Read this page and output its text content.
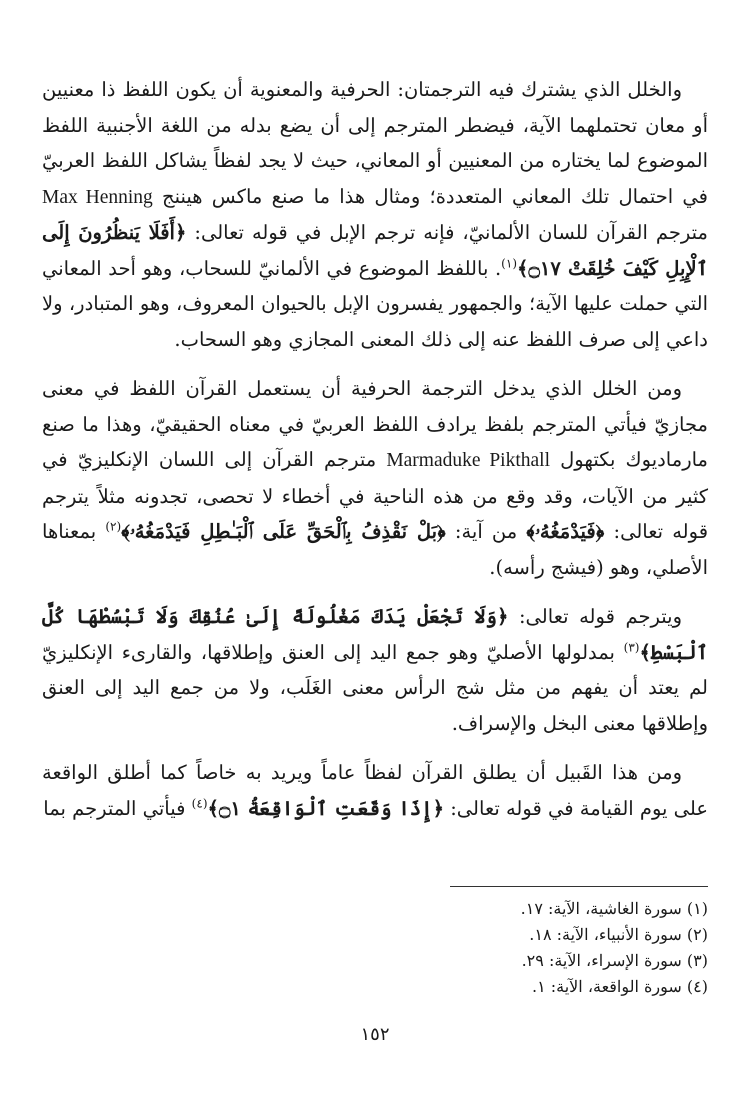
والخلل الذي يشترك فيه الترجمتان: الحرفية والمعنوية أن يكون اللفظ ذا معنيين أو معان تحتملهما الآية، فيضطر المترجم إلى أن يضع بدله من اللغة الأجنبية اللفظ الموضوع لما يختاره من المعنيين أو المعاني، حيث لا يجد لفظاً يشاكل اللفظ العربيّ في احتمال تلك المعاني المتعددة؛ ومثال هذا ما صنع ماكس هيننج Max Henning مترجم القرآن للسان الألمانيّ، فإنه ترجم الإبل في قوله تعالى: ﴿أَفَلَا يَنظُرُونَ إِلَى ٱلْإِبِلِ كَيْفَ خُلِقَتْ ۝١٧﴾$^{(١)}$. باللفظ الموضوع في الألمانيّ للسحاب، وهو أحد المعاني التي حملت عليها الآية؛ والجمهور يفسرون الإبل بالحيوان المعروف، وهو المتبادر، ولا داعي إلى صرف اللفظ عنه إلى ذلك المعنى المجازي وهو السحاب.

ومن الخلل الذي يدخل الترجمة الحرفية أن يستعمل القرآن اللفظ في معنى مجازيّ فيأتي المترجم بلفظ يرادف اللفظ العربيّ في معناه الحقيقيّ، وهذا ما صنع مارماديوك بكتهول Marmaduke Pikthall مترجم القرآن إلى اللسان الإنكليزيّ في كثير من الآيات، وقد وقع من هذه الناحية في أخطاء لا تحصى، تجدونه مثلاً يترجم قوله تعالى: ﴿فَيَدْمَغُهُۥ﴾ من آية: ﴿بَلْ نَقْذِفُ بِٱلْحَقِّ عَلَى ٱلْبَـٰطِلِ فَيَدْمَغُهُۥ﴾$^{(٢)}$ بمعناها الأصلي، وهو (فيشج رأسه).

ويترجم قوله تعالى: ﴿وَلَا تَجْعَلْ يَدَكَ مَغْلُولَةً إِلَىٰ عُنُقِكَ وَلَا تَبْسُطْهَا كُلَّ ٱلْبَسْطِ﴾$^{(٣)}$ بمدلولها الأصليّ وهو جمع اليد إلى العنق وإطلاقها، والقارىء الإنكليزيّ لم يعتد أن يفهم من مثل شج الرأس معنى الغَلَب، ولا من جمع اليد إلى العنق وإطلاقها معنى البخل والإسراف.

ومن هذا القَبيل أن يطلق القرآن لفظاً عاماً ويريد به خاصاً كما أطلق الواقعة على يوم القيامة في قوله تعالى: ﴿إِذَا وَقَعَتِ ٱلْوَاقِعَةُ ۝١﴾$^{(٤)}$ فيأتي المترجم بما

(١) سورة الغاشية، الآية: ١٧.

(٢) سورة الأنبياء، الآية: ١٨.

(٣) سورة الإسراء، الآية: ٢٩.

(٤) سورة الواقعة، الآية: ١.

١٥٢
